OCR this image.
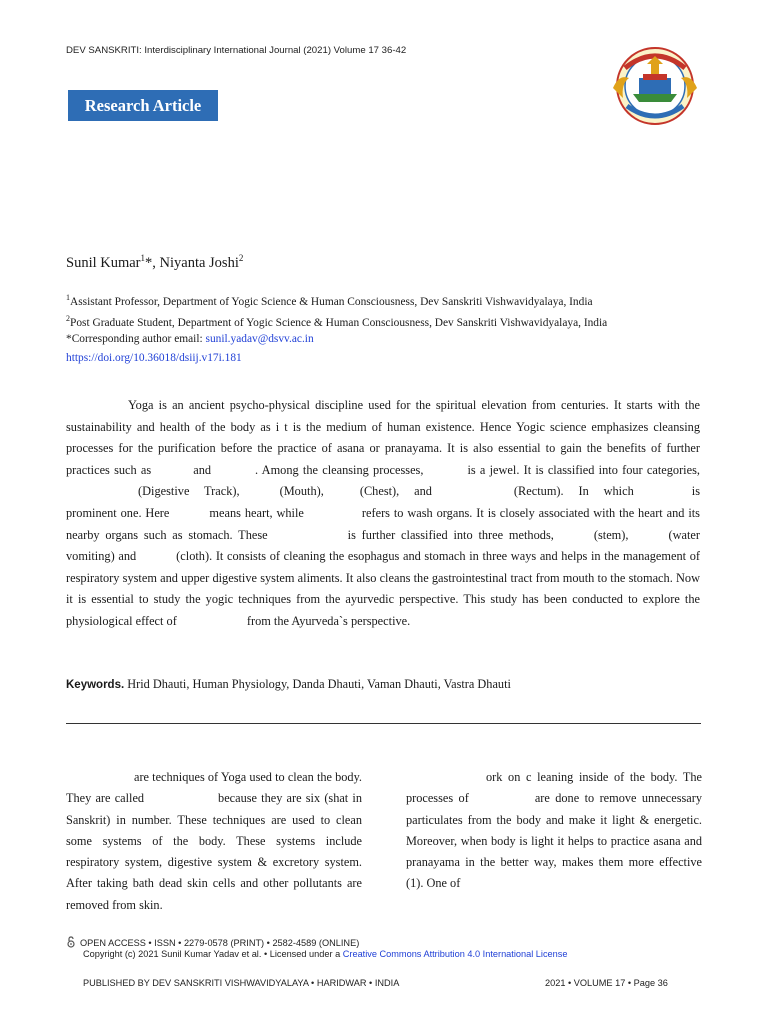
DEV SANSKRITI: Interdisciplinary International Journal (2021) Volume 17 36-42
Research Article
Sunil Kumar$^1$*, Niyanta Joshi$^2$
$^1$Assistant Professor, Department of Yogic Science & Human Consciousness, Dev Sanskriti Vishwavidyalaya, India
$^2$Post Graduate Student, Department of Yogic Science & Human Consciousness, Dev Sanskriti Vishwavidyalaya, India
*Corresponding author email: sunil.yadav@dsvv.ac.in
https://doi.org/10.36018/dsiij.v17i.181
Yoga is an ancient psycho-physical discipline used for the spiritual elevation from centuries. It starts with the sustainability and health of the body as i t is the medium of human existence. Hence Yogic science emphasizes cleansing processes for the purification before the practice of asana or pranayama. It is also essential to gain the benefits of further practices such as	and	. Among the cleansing processes,	is a jewel. It is classified into four categories,(Digestive Track),	(Mouth),	(Chest), and	(Rectum). In which	is prominent one. Here	means heart, while	refers to wash organs. It is closely associated with the heart and its nearby organs such as stomach. These	is further classified into three methods,	(stem),	(water vomiting) and	(cloth). It consists of cleaning the esophagus and stomach in three ways and helps in the management of respiratory system and upper digestive system aliments. It also cleans the gastrointestinal tract from mouth to the stomach. Now it is essential to study the yogic techniques from the ayurvedic perspective. This study has been conducted to explore the physiological effect of	from the Ayurveda`s perspective.
Keywords. Hrid Dhauti, Human Physiology, Danda Dhauti, Vaman Dhauti, Vastra Dhauti
are techniques of Yoga used to clean the body. They are called	because they are six (shat in Sanskrit) in number. These techniques are used to clean some systems of the body. These systems include respiratory system, digestive system & excretory system. After taking bath dead skin cells and other pollutants are removed from skin.
ork on c leaning inside of the body. The processes of	are done to remove unnecessary particulates from the body and make it light & energetic. Moreover, when body is light it helps to practice asana and pranayama in the better way, makes them more effective (1). One of
OPEN ACCESS • ISSN • 2279-0578 (PRINT) • 2582-4589 (ONLINE)
Copyright (c) 2021 Sunil Kumar Yadav et al. • Licensed under a Creative Commons Attribution 4.0 International License
PUBLISHED BY DEV SANSKRITI VISHWAVIDYALAYA • HARIDWAR • INDIA	2021 • VOLUME 17 • Page 36
